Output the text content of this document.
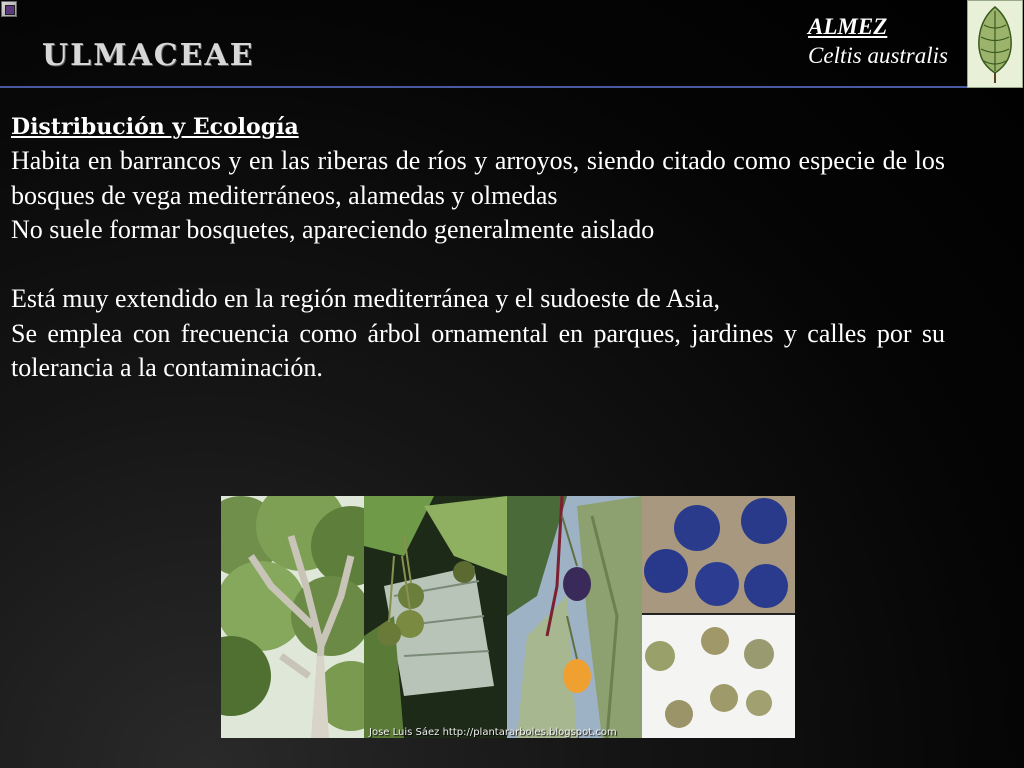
ULMACEAE
ALMEZ
Celtis australis
Distribución y Ecología

Habita en barrancos y en las riberas de ríos y arroyos, siendo citado como especie de los bosques de vega mediterráneos, alamedas y olmedas

No suele formar bosquetes, apareciendo generalmente aislado

Está muy extendido en la región mediterránea y el sudoeste de Asia,

Se emplea con frecuencia como árbol ornamental en parques, jardines y calles por su tolerancia a la contaminación.

Jose Luis Sáez http://plantararboles.blogspot.com
